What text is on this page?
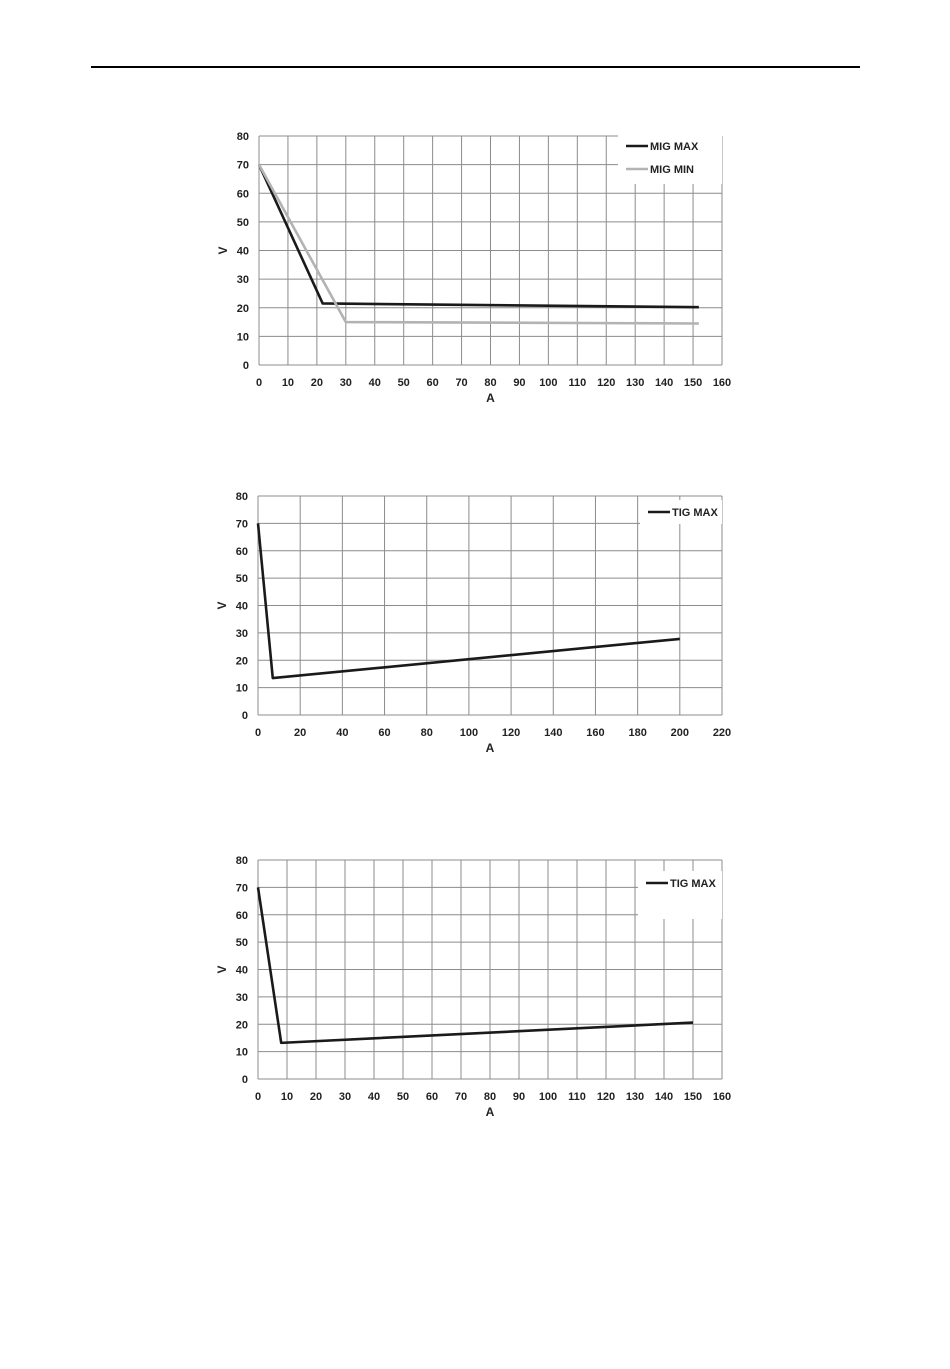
0 10 20 30 40 50 60 70 80 90 100 110 120 130 140 150 160
0
10
20
30
40
50
60
70
80
A
V
MIG MAX
MIG MIN
0	20	40	60	80 100 120 140 160 180 200 220
0
10
20
30
40
50
60
70
80
A
V
TIG MAX
0 10 20 30 40 50 60 70 80 90 100 110 120 130 140 150 160
0
10
20
30
40
50
60
70
80
A
V
TIG MAX
